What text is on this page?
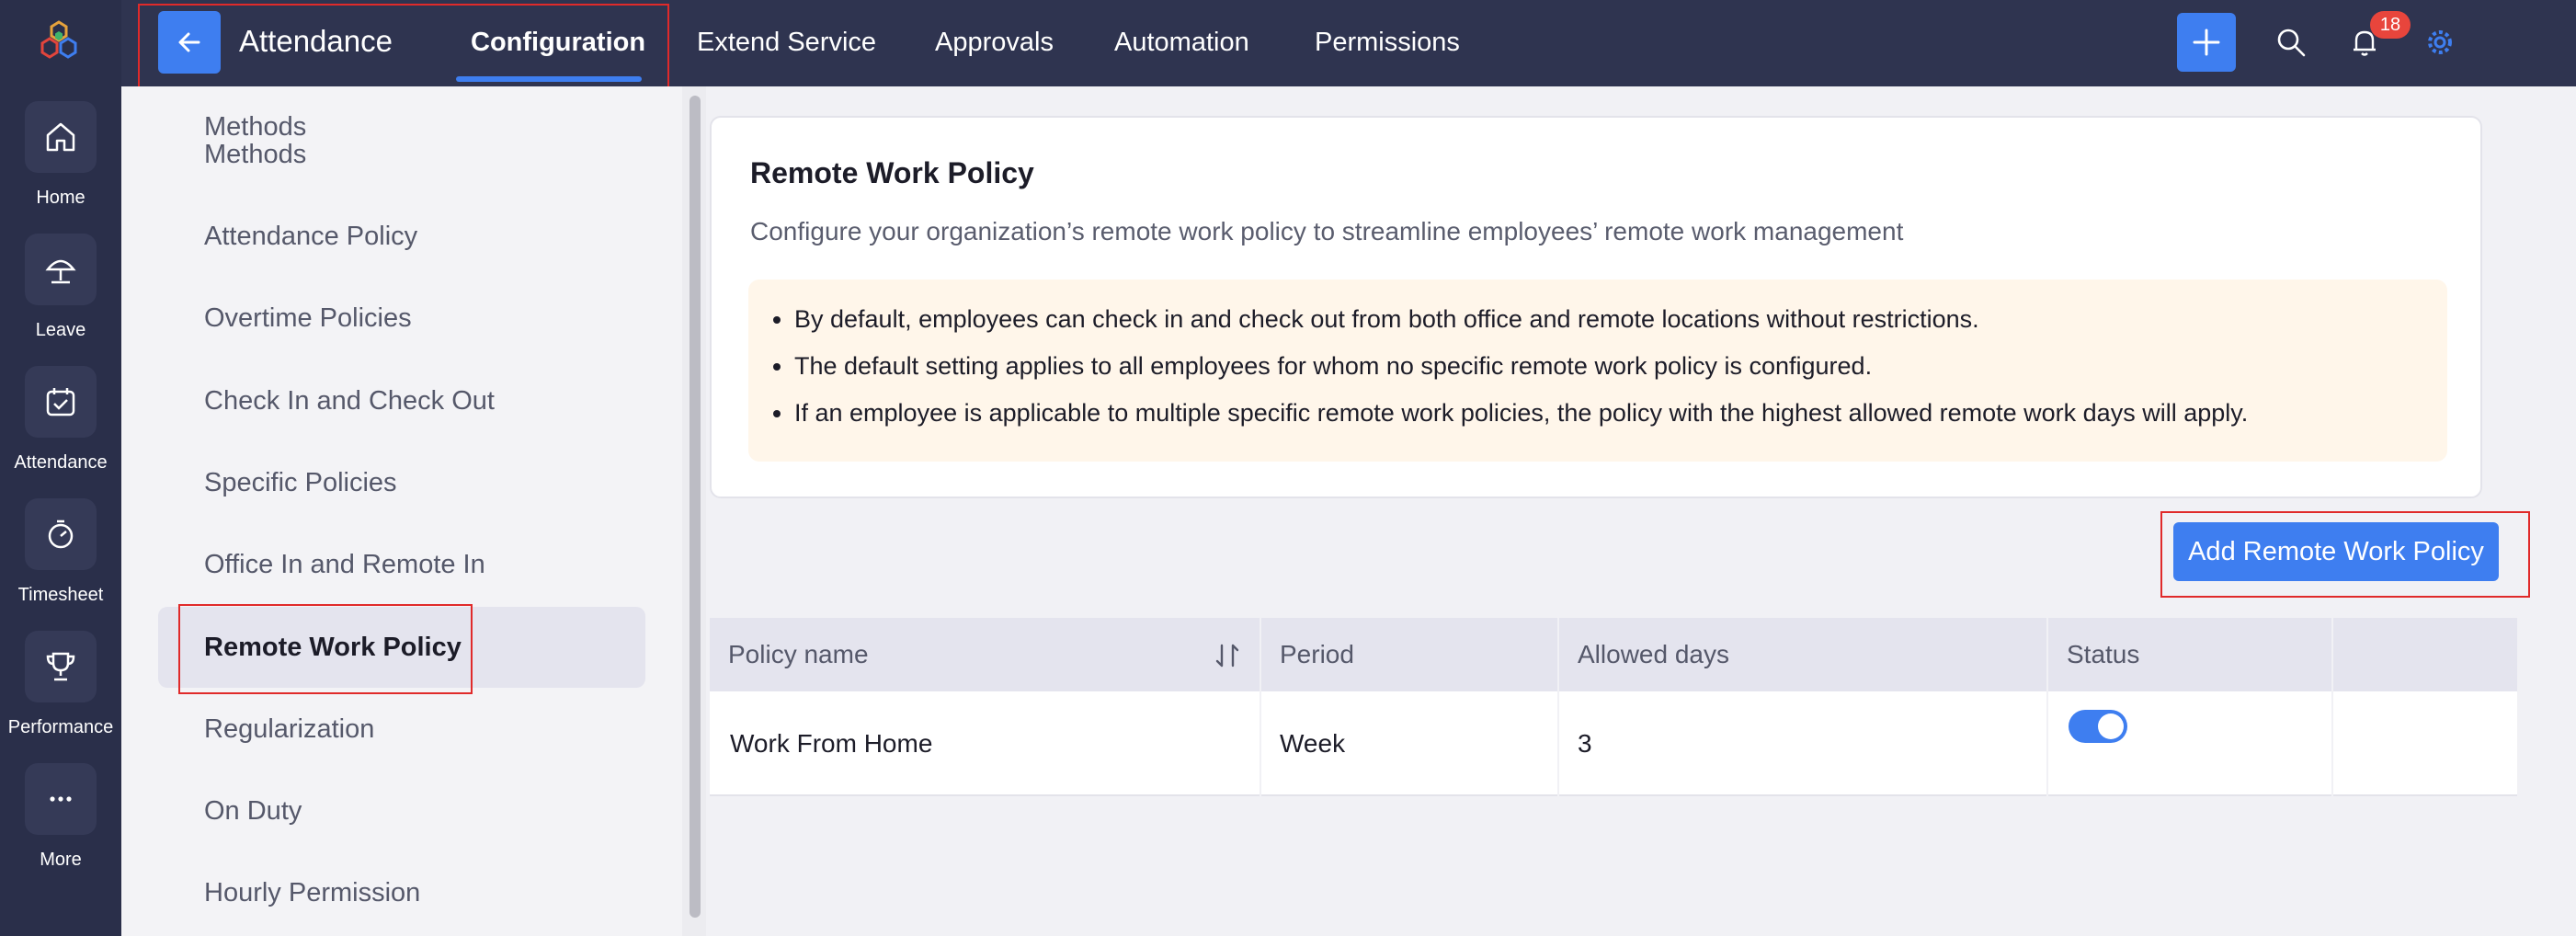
Home
Leave
Attendance
Timesheet
Performance
More
Attendance	Configuration Extend Service Approvals Automation Permissions
18
Methods
Methods
Attendance Policy
Overtime Policies
Check In and Check Out
Specific Policies
Office In and Remote In
Remote Work Policy
Regularization
On Duty
Hourly Permission
Remote Work Policy
Configure your organization’s remote work policy to streamline employees’ remote work management
• By default, employees can check in and check out from both office and remote locations without restrictions.
• The default setting applies to all employees for whom no specific remote work policy is configured.
• If an employee is applicable to multiple specific remote work policies, the policy with the highest allowed remote work days will apply.
Add Remote Work Policy
Policy name	Period	Allowed days	Status
Work From Home	Week	3
